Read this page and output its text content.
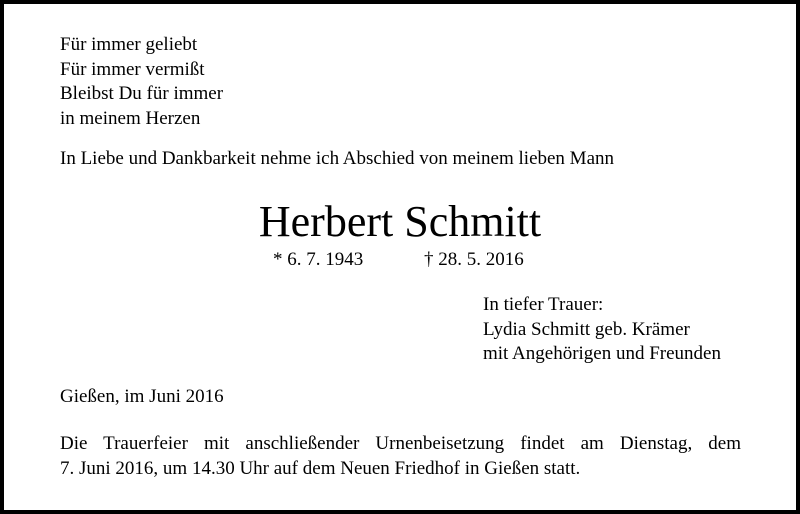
Für immer geliebt
Für immer vermißt
Bleibst Du für immer
in meinem Herzen
In Liebe und Dankbarkeit nehme ich Abschied von meinem lieben Mann
Herbert Schmitt
* 6. 7. 1943	† 28. 5. 2016
In tiefer Trauer:
Lydia Schmitt geb. Krämer
mit Angehörigen und Freunden
Gießen, im Juni 2016
Die Trauerfeier mit anschließender Urnenbeisetzung findet am Dienstag, dem
7. Juni 2016, um 14.30 Uhr auf dem Neuen Friedhof in Gießen statt.
